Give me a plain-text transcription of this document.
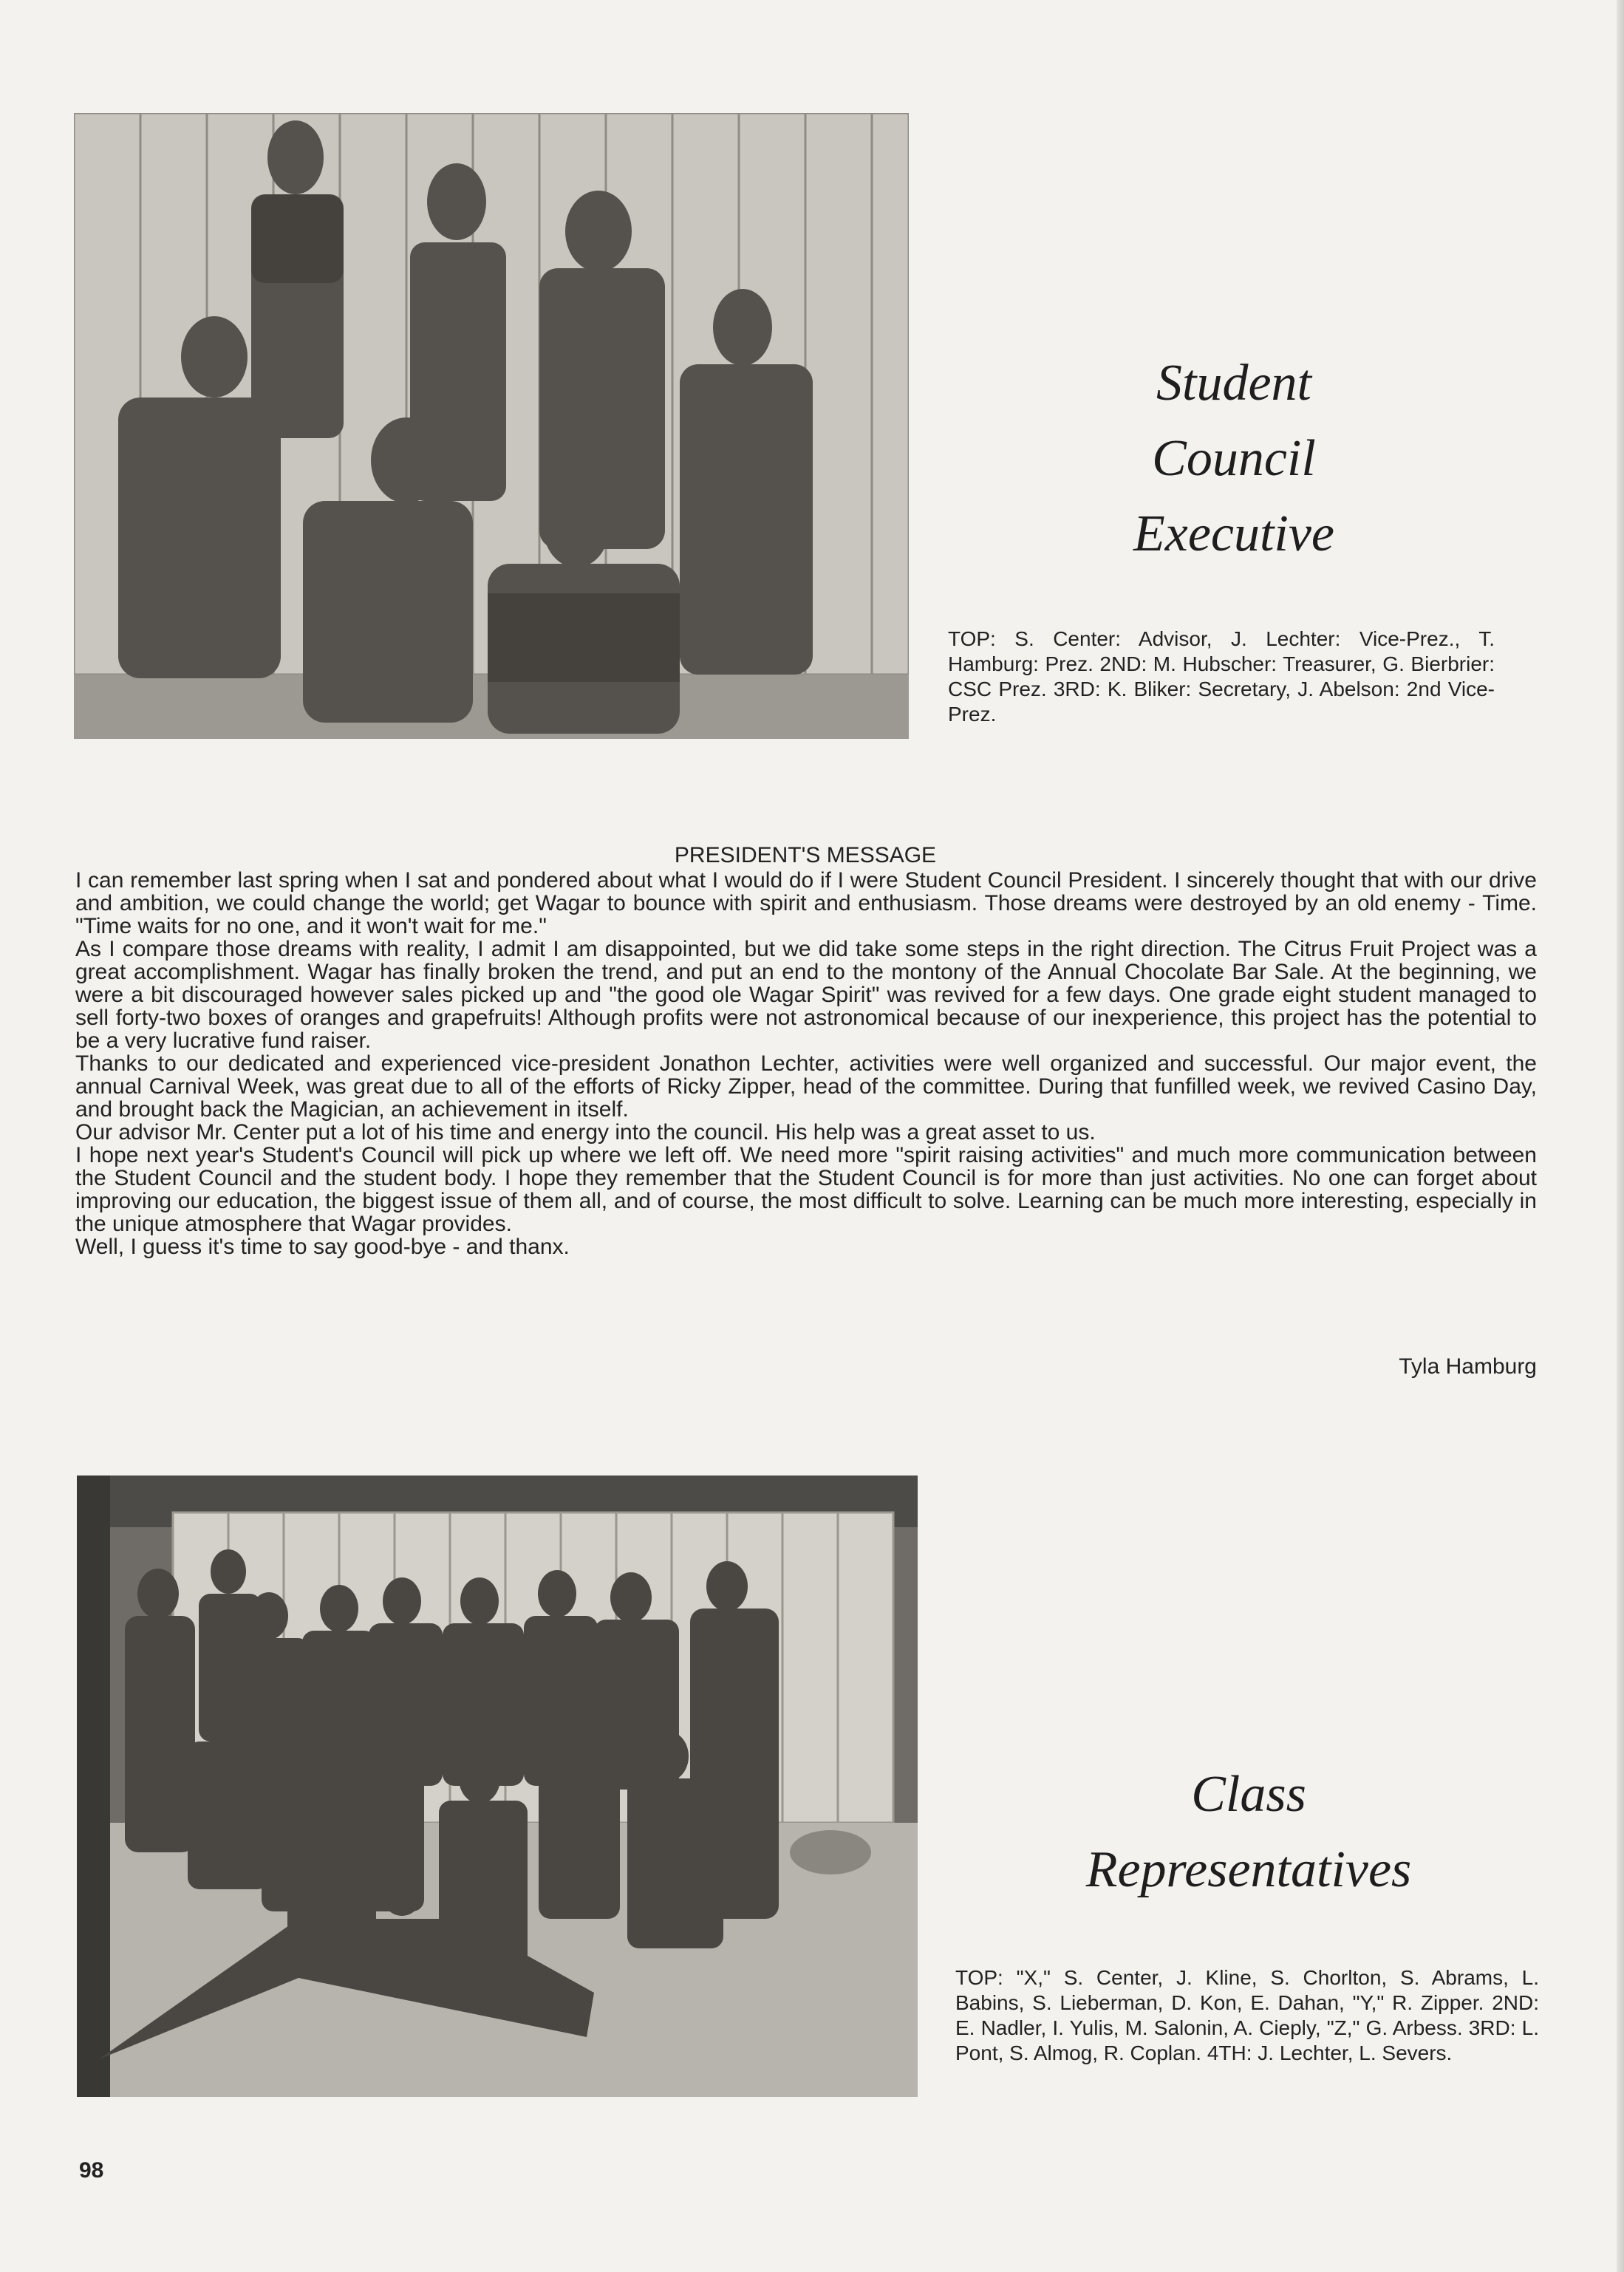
Student
Council
Executive
TOP: S. Center: Advisor, J. Lechter: Vice-Prez., T. Hamburg: Prez. 2ND: M. Hubscher: Treasurer, G. Bierbrier: CSC Prez. 3RD: K. Bliker: Secretary, J. Abelson: 2nd Vice-Prez.
PRESIDENT'S MESSAGE

I can remember last spring when I sat and pondered about what I would do if I were Student Council President. I sincerely thought that with our drive and ambition, we could change the world; get Wagar to bounce with spirit and enthusiasm. Those dreams were destroyed by an old enemy - Time. "Time waits for no one, and it won't wait for me."

As I compare those dreams with reality, I admit I am disappointed, but we did take some steps in the right direction. The Citrus Fruit Project was a great accomplishment. Wagar has finally broken the trend, and put an end to the montony of the Annual Chocolate Bar Sale. At the beginning, we were a bit discouraged however sales picked up and "the good ole Wagar Spirit" was revived for a few days. One grade eight student managed to sell forty-two boxes of oranges and grapefruits! Although profits were not astronomical because of our inexperience, this project has the potential to be a very lucrative fund raiser.

Thanks to our dedicated and experienced vice-president Jonathon Lechter, activities were well organized and successful. Our major event, the annual Carnival Week, was great due to all of the efforts of Ricky Zipper, head of the committee. During that funfilled week, we revived Casino Day, and brought back the Magician, an achievement in itself.

Our advisor Mr. Center put a lot of his time and energy into the council. His help was a great asset to us.

I hope next year's Student's Council will pick up where we left off. We need more "spirit raising activities" and much more communication between the Student Council and the student body. I hope they remember that the Student Council is for more than just activities. No one can forget about improving our education, the biggest issue of them all, and of course, the most difficult to solve. Learning can be much more interesting, especially in the unique atmosphere that Wagar provides.

Well, I guess it's time to say good-bye - and thanx.

Tyla Hamburg
Class
Representatives
TOP: "X," S. Center, J. Kline, S. Chorlton, S. Abrams, L. Babins, S. Lieberman, D. Kon, E. Dahan, "Y," R. Zipper. 2ND: E. Nadler, I. Yulis, M. Salonin, A. Cieply, "Z," G. Arbess. 3RD: L. Pont, S. Almog, R. Coplan. 4TH: J. Lechter, L. Severs.
98
